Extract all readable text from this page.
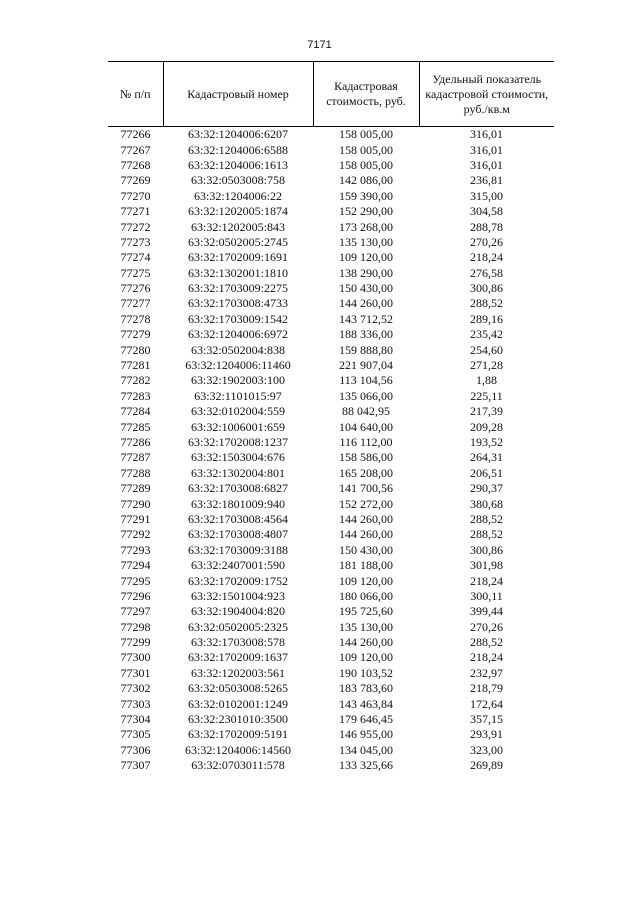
7171
№ п/п	Кадастровый номер	Кадастровая стоимость, руб.	Удельный показатель кадастровой стоимости, руб./кв.м
77266	63:32:1204006:6207	158 005,00	316,01
77267	63:32:1204006:6588	158 005,00	316,01
77268	63:32:1204006:1613	158 005,00	316,01
77269	63:32:0503008:758	142 086,00	236,81
77270	63:32:1204006:22	159 390,00	315,00
77271	63:32:1202005:1874	152 290,00	304,58
77272	63:32:1202005:843	173 268,00	288,78
77273	63:32:0502005:2745	135 130,00	270,26
77274	63:32:1702009:1691	109 120,00	218,24
77275	63:32:1302001:1810	138 290,00	276,58
77276	63:32:1703009:2275	150 430,00	300,86
77277	63:32:1703008:4733	144 260,00	288,52
77278	63:32:1703009:1542	143 712,52	289,16
77279	63:32:1204006:6972	188 336,00	235,42
77280	63:32:0502004:838	159 888,80	254,60
77281	63:32:1204006:11460	221 907,04	271,28
77282	63:32:1902003:100	113 104,56	1,88
77283	63:32:1101015:97	135 066,00	225,11
77284	63:32:0102004:559	88 042,95	217,39
77285	63:32:1006001:659	104 640,00	209,28
77286	63:32:1702008:1237	116 112,00	193,52
77287	63:32:1503004:676	158 586,00	264,31
77288	63:32:1302004:801	165 208,00	206,51
77289	63:32:1703008:6827	141 700,56	290,37
77290	63:32:1801009:940	152 272,00	380,68
77291	63:32:1703008:4564	144 260,00	288,52
77292	63:32:1703008:4807	144 260,00	288,52
77293	63:32:1703009:3188	150 430,00	300,86
77294	63:32:2407001:590	181 188,00	301,98
77295	63:32:1702009:1752	109 120,00	218,24
77296	63:32:1501004:923	180 066,00	300,11
77297	63:32:1904004:820	195 725,60	399,44
77298	63:32:0502005:2325	135 130,00	270,26
77299	63:32:1703008:578	144 260,00	288,52
77300	63:32:1702009:1637	109 120,00	218,24
77301	63:32:1202003:561	190 103,52	232,97
77302	63:32:0503008:5265	183 783,60	218,79
77303	63:32:0102001:1249	143 463,84	172,64
77304	63:32:2301010:3500	179 646,45	357,15
77305	63:32:1702009:5191	146 955,00	293,91
77306	63:32:1204006:14560	134 045,00	323,00
77307	63:32:0703011:578	133 325,66	269,89
